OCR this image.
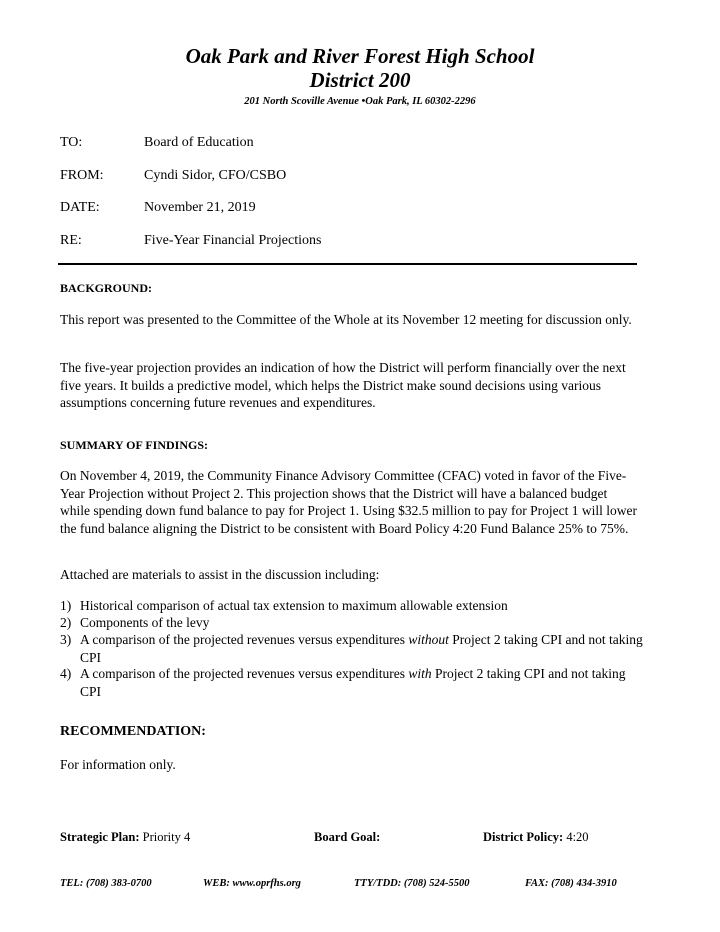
Oak Park and River Forest High School
District 200
201 North Scoville Avenue •Oak Park, IL 60302-2296
TO:	Board of Education
FROM:	Cyndi Sidor, CFO/CSBO
DATE:	November 21, 2019
RE:	Five-Year Financial Projections
BACKGROUND:
This report was presented to the Committee of the Whole at its November 12 meeting for discussion only.
The five-year projection provides an indication of how the District will perform financially over the next five years. It builds a predictive model, which helps the District make sound decisions using various assumptions concerning future revenues and expenditures.
SUMMARY OF FINDINGS:
On November 4, 2019, the Community Finance Advisory Committee (CFAC) voted in favor of the Five-Year Projection without Project 2. This projection shows that the District will have a balanced budget while spending down fund balance to pay for Project 1. Using $32.5 million to pay for Project 1 will lower the fund balance aligning the District to be consistent with Board Policy 4:20 Fund Balance 25% to 75%.
Attached are materials to assist in the discussion including:
1) Historical comparison of actual tax extension to maximum allowable extension
2) Components of the levy
3) A comparison of the projected revenues versus expenditures without Project 2 taking CPI and not taking CPI
4) A comparison of the projected revenues versus expenditures with Project 2 taking CPI and not taking CPI
RECOMMENDATION:
For information only.
Strategic Plan: Priority 4	Board Goal:	District Policy: 4:20
TEL: (708) 383-0700	WEB: www.oprfhs.org	TTY/TDD: (708) 524-5500	FAX: (708) 434-3910
